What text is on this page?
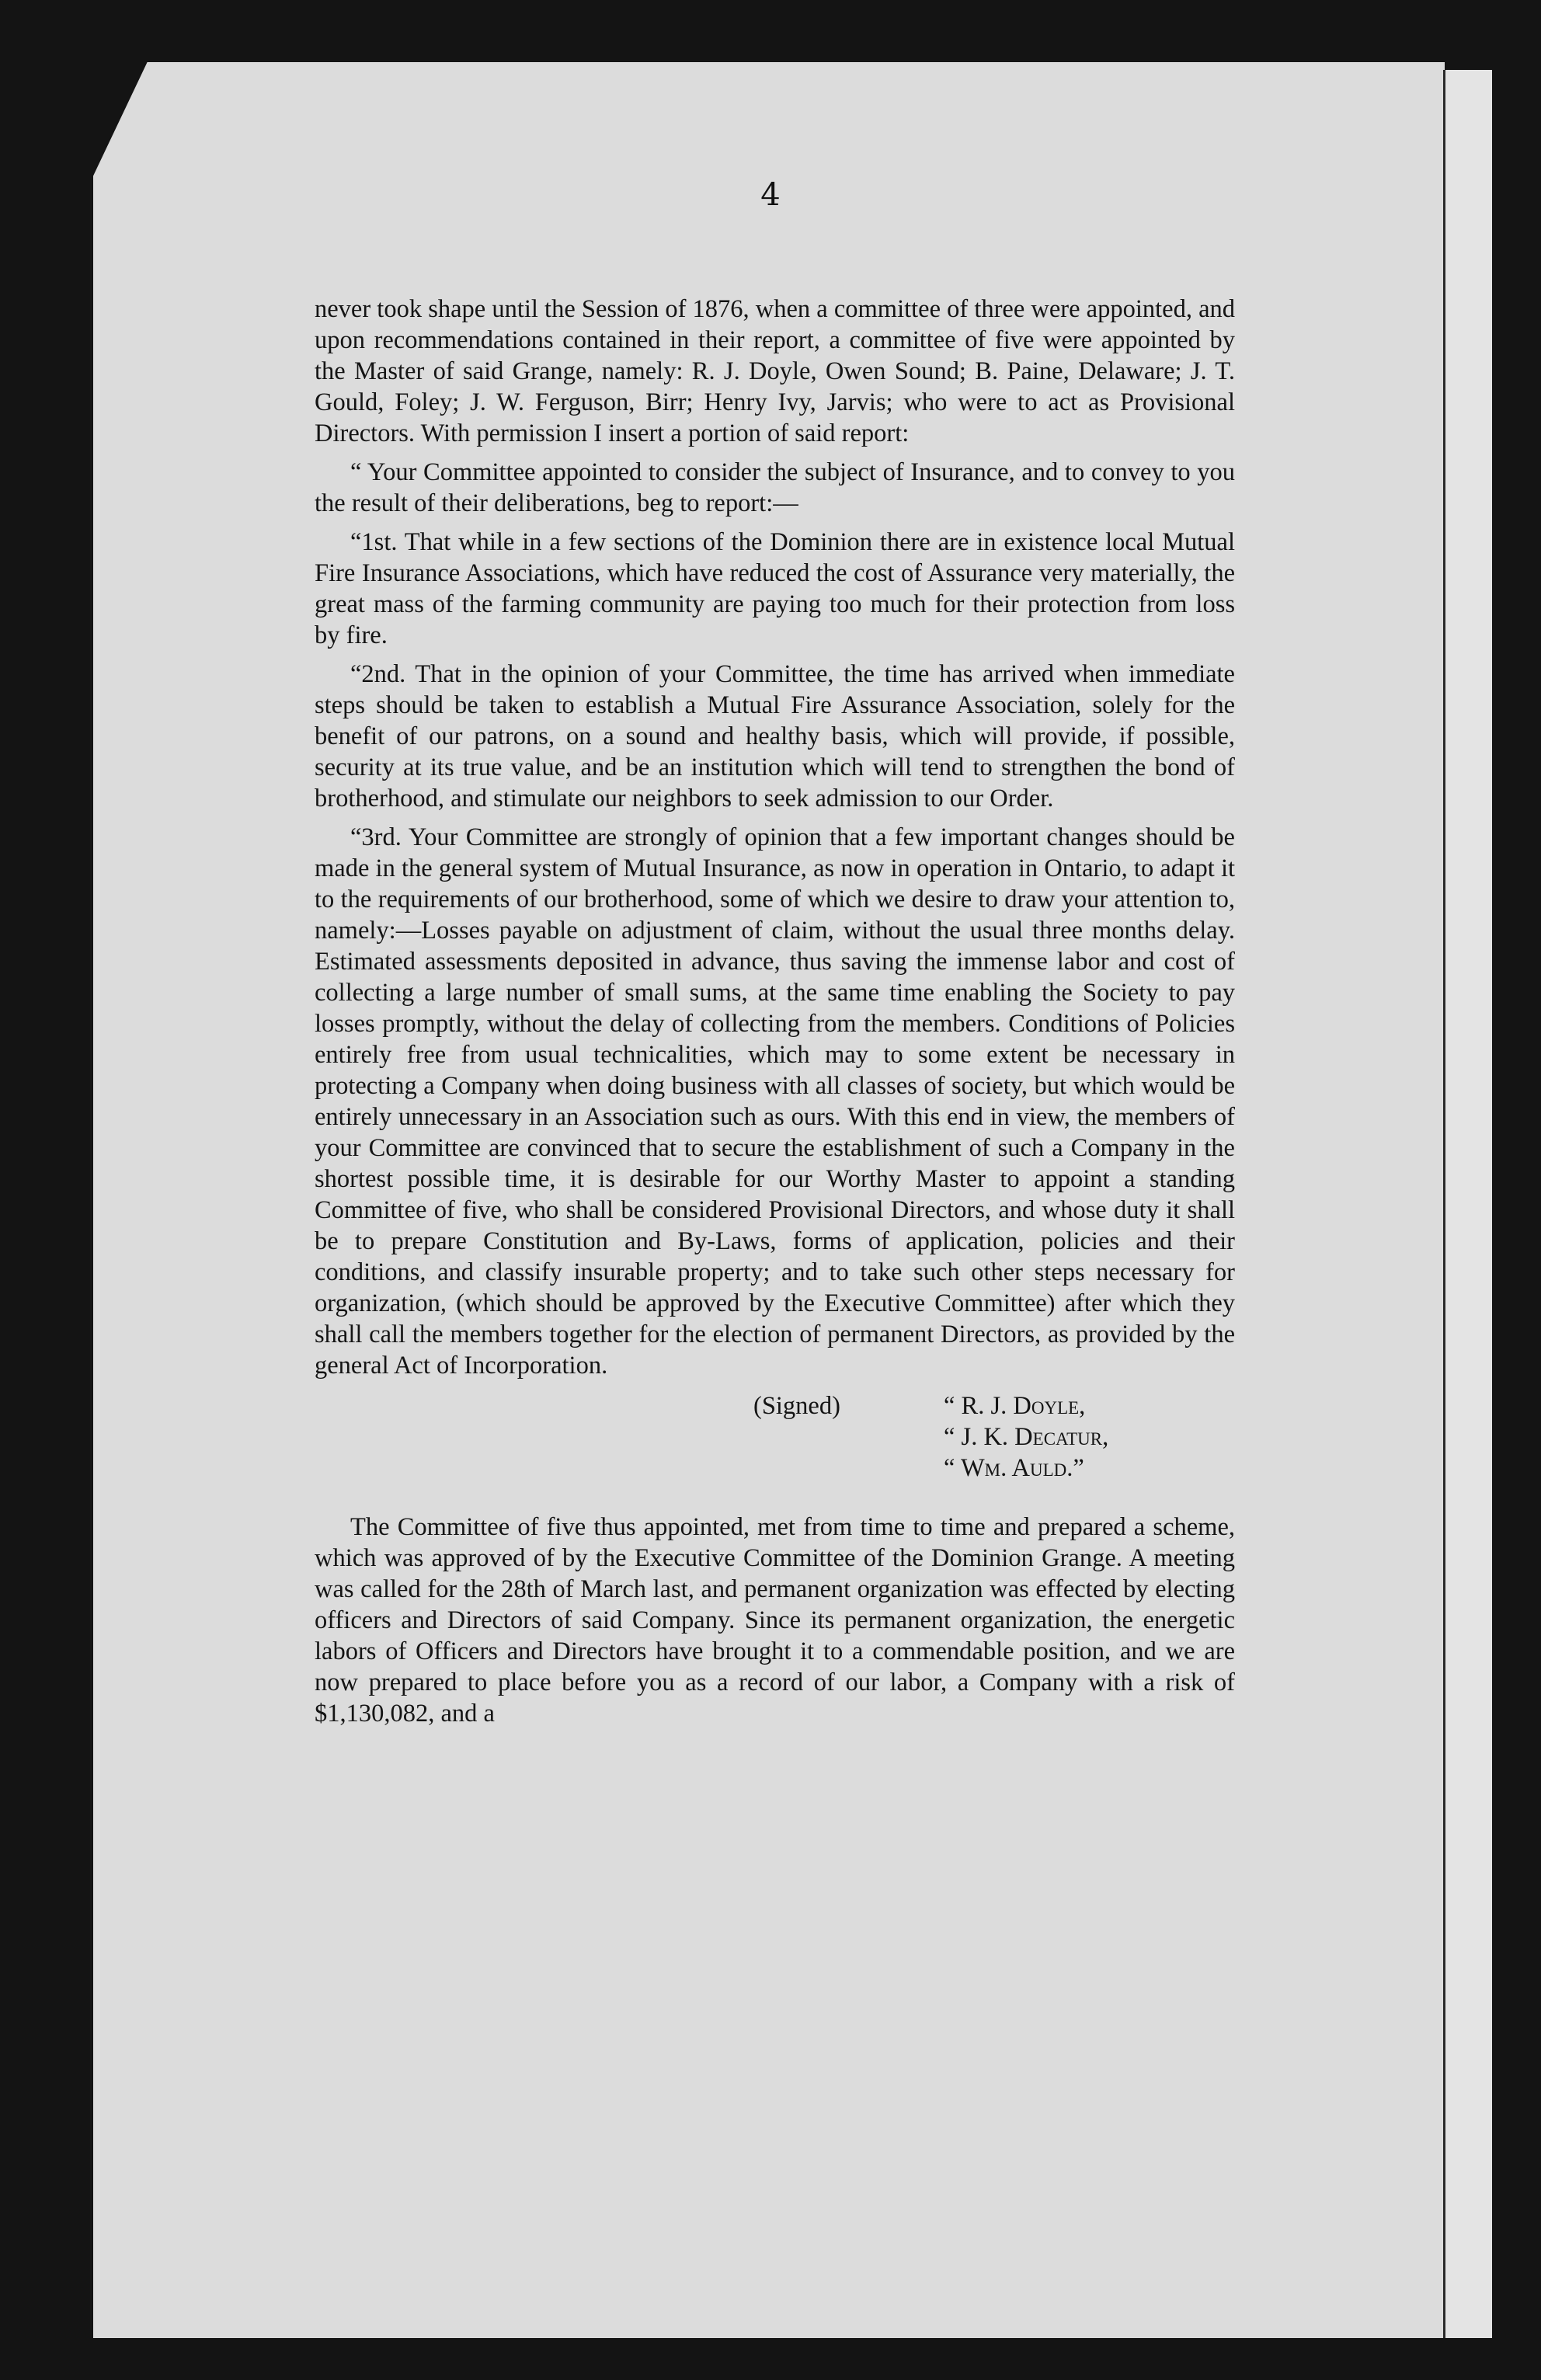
4

never took shape until the Session of 1876, when a committee of three were appointed, and upon recommendations contained in their report, a committee of five were appointed by the Master of said Grange, namely: R. J. Doyle, Owen Sound; B. Paine, Delaware; J. T. Gould, Foley; J. W. Ferguson, Birr; Henry Ivy, Jarvis; who were to act as Provisional Directors. With permission I insert a portion of said report:

“ Your Committee appointed to consider the subject of Insurance, and to convey to you the result of their deliberations, beg to report:—

“1st. That while in a few sections of the Dominion there are in existence local Mutual Fire Insurance Associations, which have reduced the cost of Assurance very materially, the great mass of the farming community are paying too much for their protection from loss by fire.

“2nd. That in the opinion of your Committee, the time has arrived when immediate steps should be taken to establish a Mutual Fire Assurance Association, solely for the benefit of our patrons, on a sound and healthy basis, which will provide, if possible, security at its true value, and be an institution which will tend to strengthen the bond of brotherhood, and stimulate our neighbors to seek admission to our Order.

“3rd. Your Committee are strongly of opinion that a few important changes should be made in the general system of Mutual Insurance, as now in operation in Ontario, to adapt it to the requirements of our brotherhood, some of which we desire to draw your attention to, namely:—Losses payable on adjustment of claim, without the usual three months delay. Estimated assessments deposited in advance, thus saving the immense labor and cost of collecting a large number of small sums, at the same time enabling the Society to pay losses promptly, without the delay of collecting from the members. Conditions of Policies entirely free from usual technicalities, which may to some extent be necessary in protecting a Company when doing business with all classes of society, but which would be entirely unnecessary in an Association such as ours. With this end in view, the members of your Committee are convinced that to secure the establishment of such a Company in the shortest possible time, it is desirable for our Worthy Master to appoint a standing Committee of five, who shall be considered Provisional Directors, and whose duty it shall be to prepare Constitution and By-Laws, forms of application, policies and their conditions, and classify insurable property; and to take such other steps necessary for organization, (which should be approved by the Executive Committee) after which they shall call the members together for the election of permanent Directors, as provided by the general Act of Incorporation.

(Signed)	“ R. J. Doyle,
“ J. K. Decatur,
“ Wm. Auld.”

The Committee of five thus appointed, met from time to time and prepared a scheme, which was approved of by the Executive Committee of the Dominion Grange. A meeting was called for the 28th of March last, and permanent organization was effected by electing officers and Directors of said Company. Since its permanent organization, the energetic labors of Officers and Directors have brought it to a commendable position, and we are now prepared to place before you as a record of our labor, a Company with a risk of $1,130,082, and a
